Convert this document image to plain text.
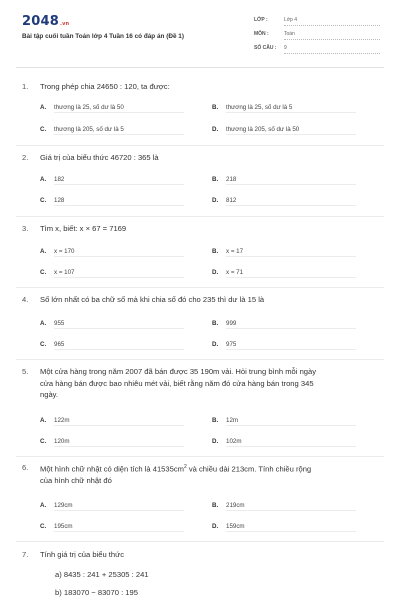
2048.vn
Bài tập cuối tuần Toán lớp 4 Tuần 16 có đáp án (Đề 1)
LỚP :	Lớp 4
MÔN :	Toán
SỐ CÂU :	9
1.	Trong phép chia 24650 : 120, ta được:
A. thương là 25, số dư là 50	B. thương là 25, số dư là 5
C. thương là 205, số dư là 5	D. thương là 205, số dư là 50
2.	Giá trị của biểu thức 46720 : 365 là
A. 182	B. 218
C. 128	D. 812
3.	Tìm x, biết: x × 67 = 7169
A. x = 170	B. x = 17
C. x = 107	D. x = 71
4.	Số lớn nhất có ba chữ số mà khi chia số đó cho 235 thì dư là 15 là
A. 955	B. 999
C. 965	D. 975
5.	Một cửa hàng trong năm 2007 đã bán được 35 190m vải. Hỏi trung bình mỗi ngày
cửa hàng bán được bao nhiêu mét vải, biết rằng năm đó cửa hàng bán trong 345
ngày.
A. 122m	B. 12m
C. 120m	D. 102m
6.	Một hình chữ nhật có diện tích là $41535cm^2$ và chiều dài 213cm. Tính chiều rộng
của hình chữ nhật đó
A. 129cm	B. 219cm
C. 195cm	D. 159cm
7.	Tính giá trị của biểu thức
a) 8435 : 241 + 25305 : 241
b) 183070 − 83070 : 195
